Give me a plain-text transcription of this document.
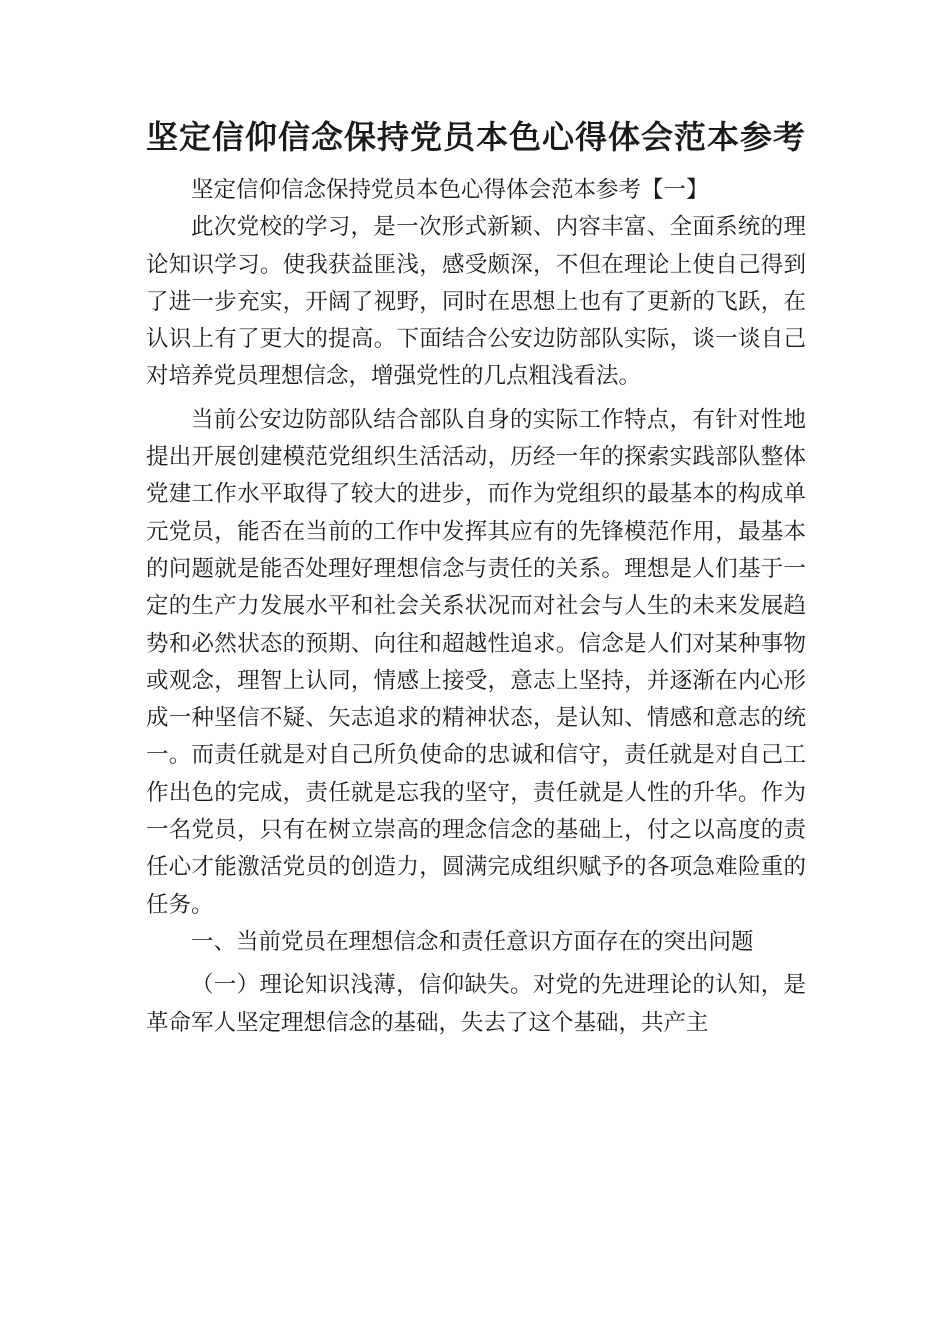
坚定信仰信念保持党员本色心得体会范本参考

坚定信仰信念保持党员本色心得体会范本参考【一】

此次党校的学习，是一次形式新颖、内容丰富、全面系统的理论知识学习。使我获益匪浅，感受颇深，不但在理论上使自己得到了进一步充实，开阔了视野，同时在思想上也有了更新的飞跃，在认识上有了更大的提高。下面结合公安边防部队实际，谈一谈自己对培养党员理想信念，增强党性的几点粗浅看法。

当前公安边防部队结合部队自身的实际工作特点，有针对性地提出开展创建模范党组织生活活动，历经一年的探索实践部队整体党建工作水平取得了较大的进步，而作为党组织的最基本的构成单元党员，能否在当前的工作中发挥其应有的先锋模范作用，最基本的问题就是能否处理好理想信念与责任的关系。理想是人们基于一定的生产力发展水平和社会关系状况而对社会与人生的未来发展趋势和必然状态的预期、向往和超越性追求。信念是人们对某种事物或观念，理智上认同，情感上接受，意志上坚持，并逐渐在内心形成一种坚信不疑、矢志追求的精神状态，是认知、情感和意志的统一。而责任就是对自己所负使命的忠诚和信守，责任就是对自己工作出色的完成，责任就是忘我的坚守，责任就是人性的升华。作为一名党员，只有在树立崇高的理念信念的基础上，付之以高度的责任心才能激活党员的创造力，圆满完成组织赋予的各项急难险重的任务。

一、当前党员在理想信念和责任意识方面存在的突出问题

（一）理论知识浅薄，信仰缺失。对党的先进理论的认知，是革命军人坚定理想信念的基础，失去了这个基础，共产主
